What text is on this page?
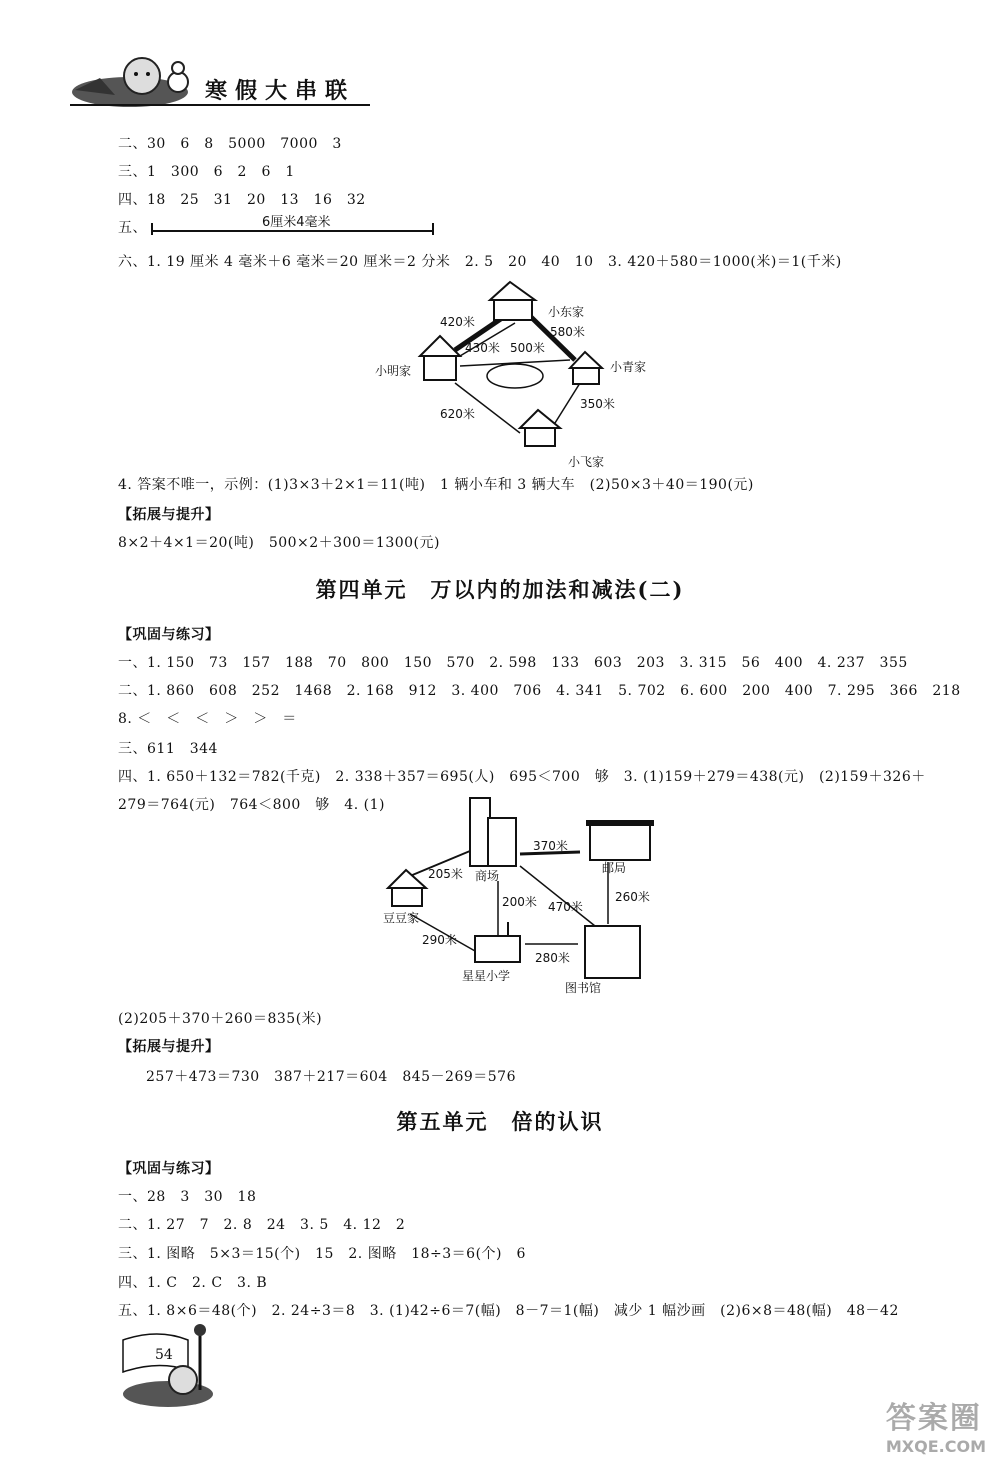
寒假大串联
二、30　6　8　5000　7000　3
三、1　300　6　2　6　1
四、18　25　31　20　13　16　32
五、	6厘米4毫米
六、1. 19 厘米 4 毫米＋6 毫米＝20 厘米＝2 分米　2. 5　20　40　10　3. 420＋580＝1000(米)＝1(千米)
小东家
小明家	小青家
小飞家
420米
580米
430米 500米
620米
350米
4. 答案不唯一，示例：(1)3×3＋2×1＝11(吨)　1 辆小车和 3 辆大车　(2)50×3＋40＝190(元)
【拓展与提升】
8×2＋4×1＝20(吨)　500×2＋300＝1300(元)
第四单元　万以内的加法和减法(二)
【巩固与练习】
一、1. 150　73　157　188　70　800　150　570　2. 598　133　603　203　3. 315　56　400　4. 237　355
二、1. 860　608　252　1468　2. 168　912　3. 400　706　4. 341　5. 702　6. 600　200　400　7. 295　366　218
8. ＜　＜　＜　＞　＞　＝
三、611　344
四、1. 650＋132＝782(千克)　2. 338＋357＝695(人)　695＜700　够　3. (1)159＋279＝438(元)　(2)159＋326＋
279＝764(元)　764＜800　够　4. (1)
商场
邮局
豆豆家
星星小学
图书馆
205米
370米
200米 470米
260米
290米
280米
(2)205＋370＋260＝835(米)
【拓展与提升】
257＋473＝730　387＋217＝604　845－269＝576
第五单元　倍的认识
【巩固与练习】
一、28　3　30　18
二、1. 27　7　2. 8　24　3. 5　4. 12　2
三、1. 图略　5×3＝15(个)　15　2. 图略　18÷3＝6(个)　6
四、1. C　2. C　3. B
五、1. 8×6＝48(个)　2. 24÷3＝8　3. (1)42÷6＝7(幅)　8－7＝1(幅)　减少 1 幅沙画　(2)6×8＝48(幅)　48－42
54
答案圈
MXQE.COM
